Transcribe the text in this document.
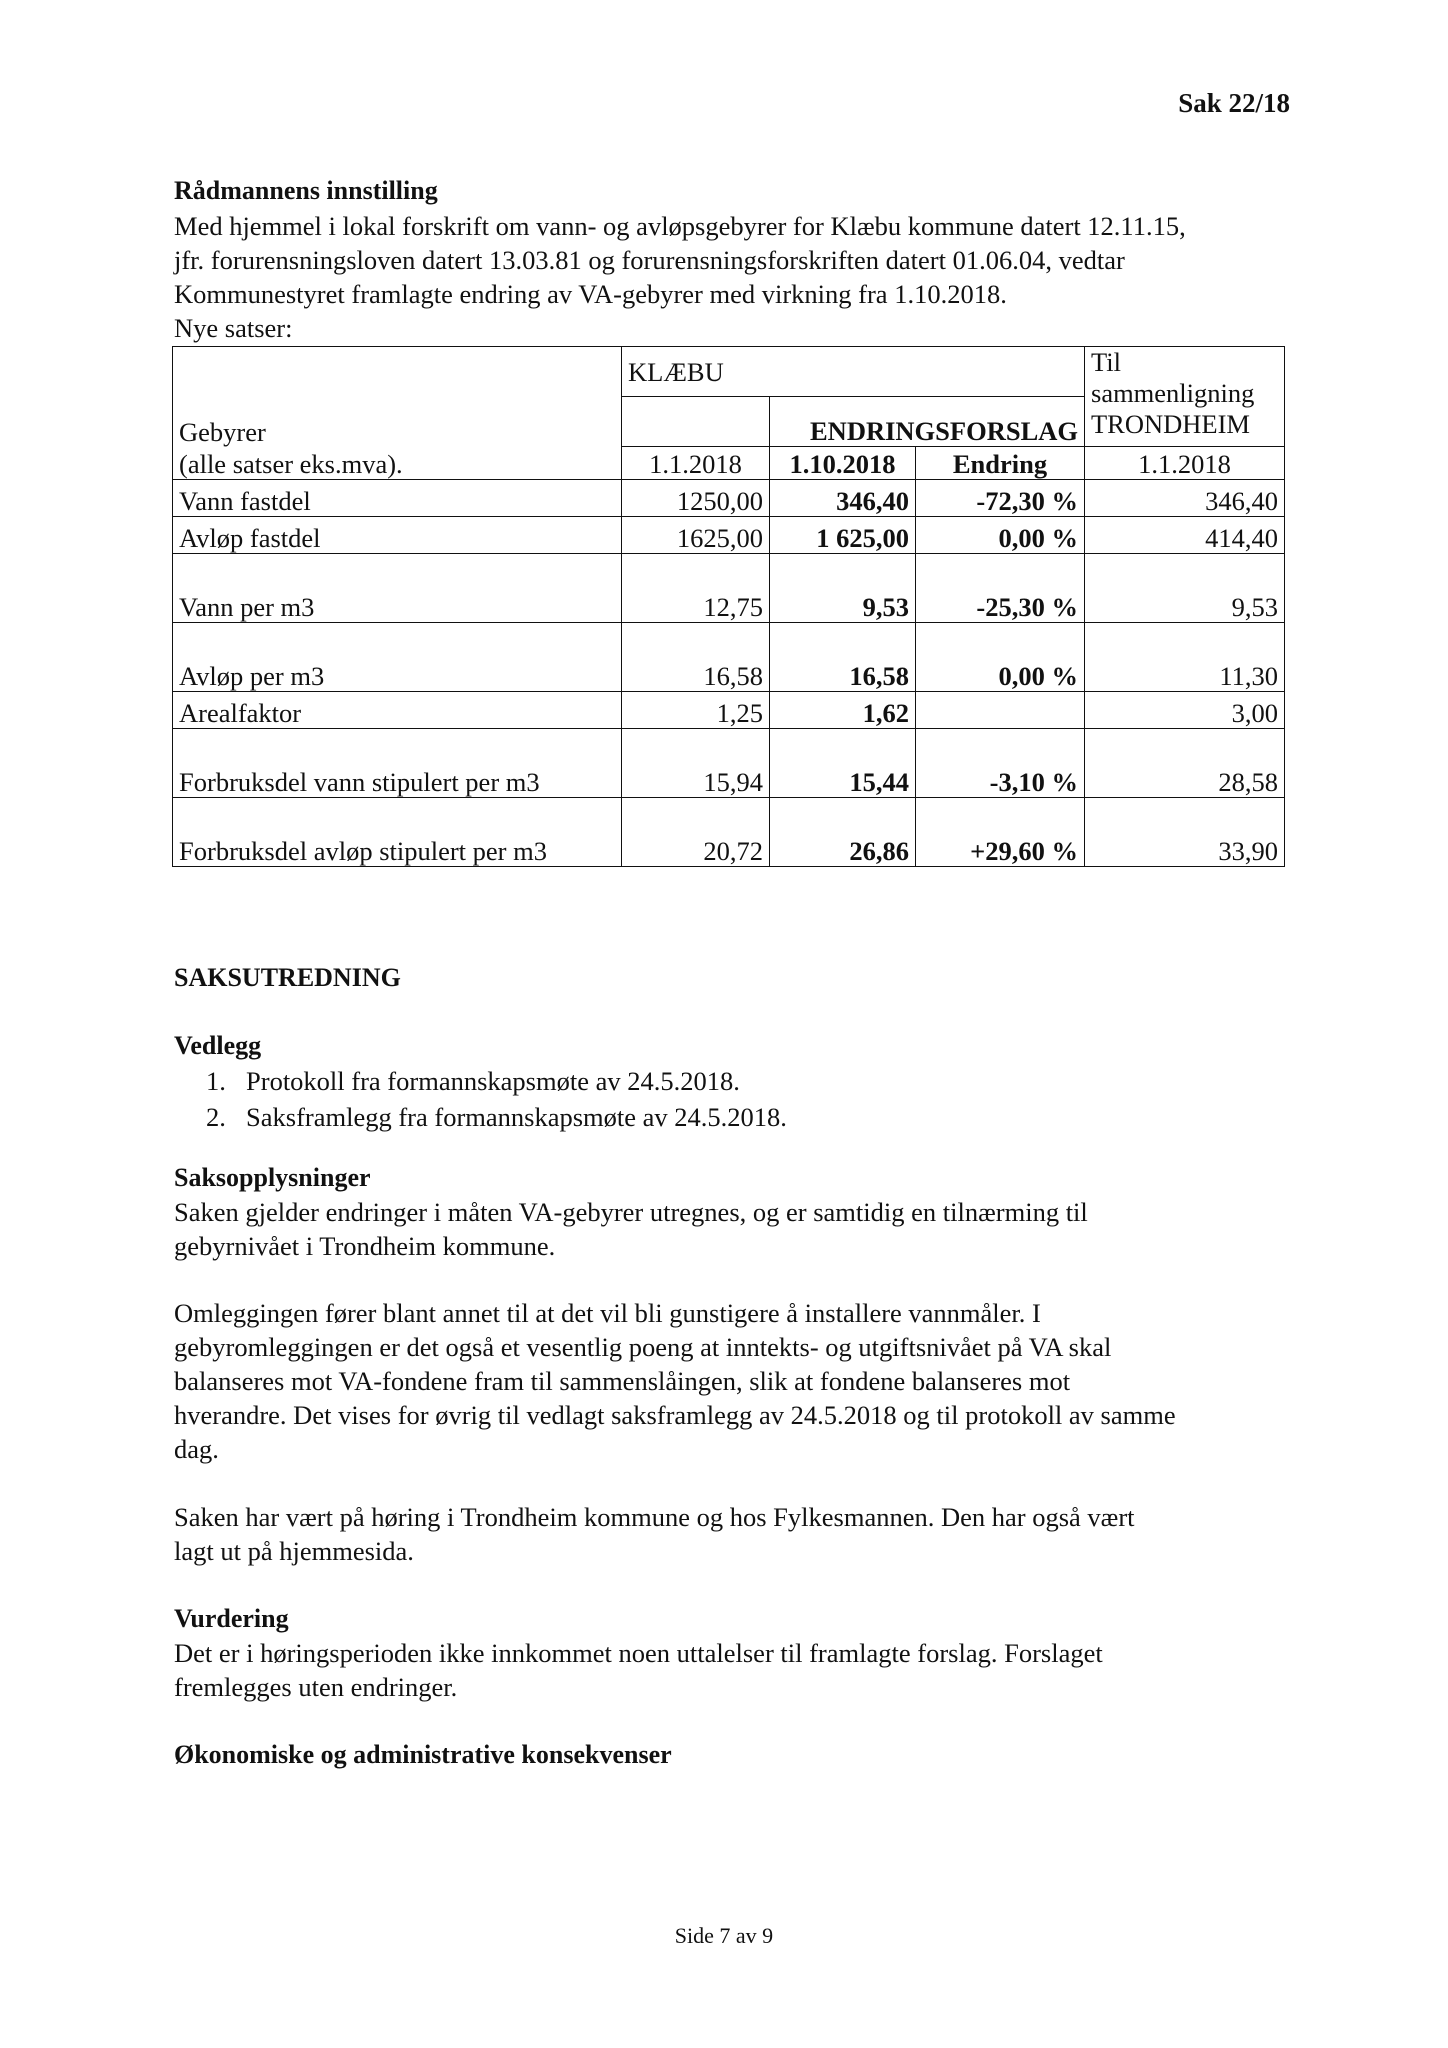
Sak 22/18
Rådmannens innstilling
Med hjemmel i lokal forskrift om vann- og avløpsgebyrer for Klæbu kommune datert 12.11.15,
jfr. forurensningsloven datert 13.03.81 og forurensningsforskriften datert 01.06.04, vedtar
Kommunestyret framlagte endring av VA-gebyrer med virkning fra 1.10.2018.
Nye satser:
	KLÆBU			Til
sammenligning
TRONDHEIM

Gebyrer		ENDRINGSFORSLAG		
(alle satser eks.mva).	1.1.2018	1.10.2018	Endring	1.1.2018
Vann fastdel	1250,00	346,40	-72,30 %	346,40
Avløp fastdel	1625,00	1 625,00	0,00 %	414,40
Vann per m3	12,75	9,53	-25,30 %	9,53
Avløp per m3	16,58	16,58	0,00 %	11,30
Arealfaktor	1,25	1,62		3,00
Forbruksdel vann stipulert per m3	15,94	15,44	-3,10 %	28,58
Forbruksdel avløp stipulert per m3	20,72	26,86	+29,60 %	33,90
SAKSUTREDNING
Vedlegg
1. Protokoll fra formannskapsmøte av 24.5.2018.
2. Saksframlegg fra formannskapsmøte av 24.5.2018.
Saksopplysninger
Saken gjelder endringer i måten VA-gebyrer utregnes, og er samtidig en tilnærming til
gebyrnivået i Trondheim kommune.
Omleggingen fører blant annet til at det vil bli gunstigere å installere vannmåler. I
gebyromleggingen er det også et vesentlig poeng at inntekts- og utgiftsnivået på VA skal
balanseres mot VA-fondene fram til sammenslåingen, slik at fondene balanseres mot
hverandre. Det vises for øvrig til vedlagt saksframlegg av 24.5.2018 og til protokoll av samme
dag.
Saken har vært på høring i Trondheim kommune og hos Fylkesmannen. Den har også vært
lagt ut på hjemmesida.
Vurdering
Det er i høringsperioden ikke innkommet noen uttalelser til framlagte forslag. Forslaget
fremlegges uten endringer.
Økonomiske og administrative konsekvenser
Side 7 av 9
